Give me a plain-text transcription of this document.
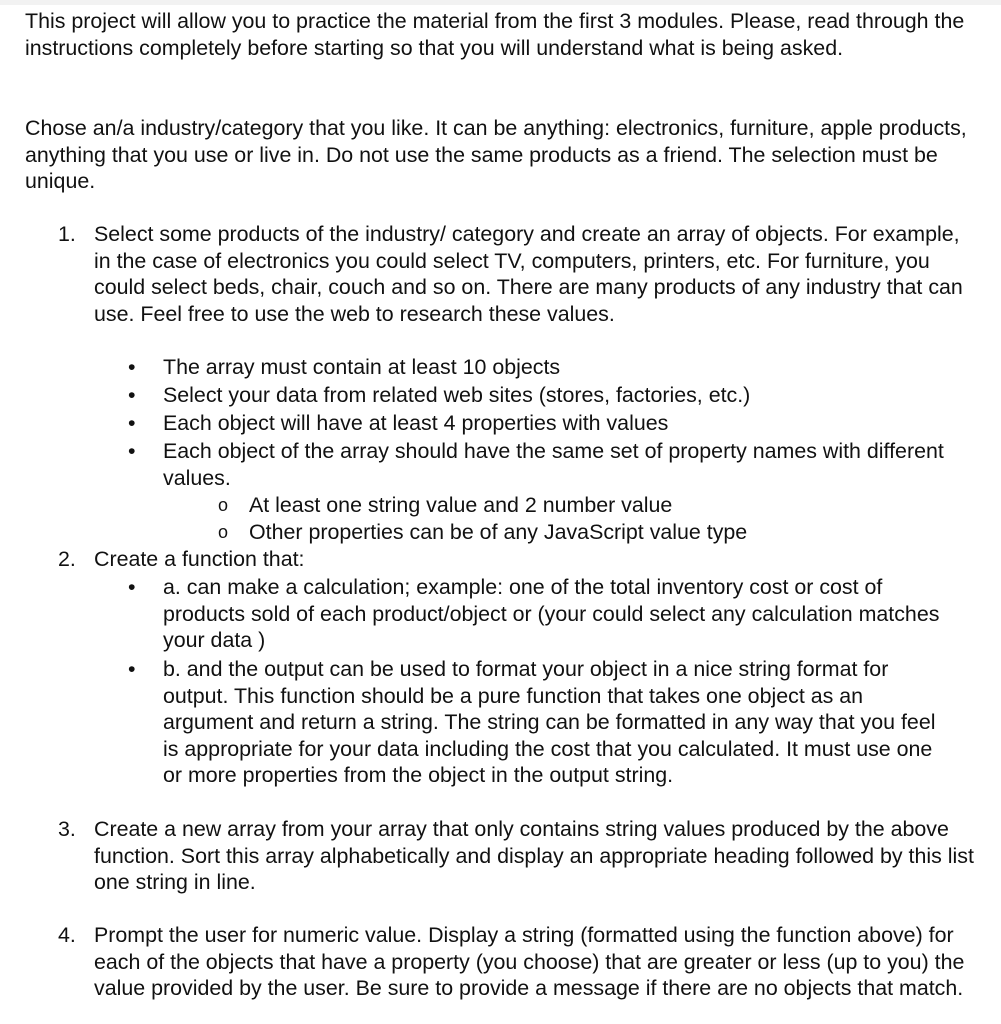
This project will allow you to practice the material from the first 3 modules. Please, read through the instructions completely before starting so that you will understand what is being asked.

Chose an/a industry/category that you like. It can be anything: electronics, furniture, apple products, anything that you use or live in. Do not use the same products as a friend. The selection must be unique.

1. Select some products of the industry/ category and create an array of objects. For example, in the case of electronics you could select TV, computers, printers, etc. For furniture, you could select beds, chair, couch and so on. There are many products of any industry that can use. Feel free to use the web to research these values.
• The array must contain at least 10 objects
• Select your data from related web sites (stores, factories, etc.)
• Each object will have at least 4 properties with values
• Each object of the array should have the same set of property names with different values.
o At least one string value and 2 number value
o Other properties can be of any JavaScript value type
2. Create a function that:
• a. can make a calculation; example: one of the total inventory cost or cost of products sold of each product/object or (your could select any calculation matches your data )
• b. and the output can be used to format your object in a nice string format for output. This function should be a pure function that takes one object as an argument and return a string. The string can be formatted in any way that you feel is appropriate for your data including the cost that you calculated. It must use one or more properties from the object in the output string.
3. Create a new array from your array that only contains string values produced by the above function. Sort this array alphabetically and display an appropriate heading followed by this list one string in line.
4. Prompt the user for numeric value. Display a string (formatted using the function above) for each of the objects that have a property (you choose) that are greater or less (up to you) the value provided by the user. Be sure to provide a message if there are no objects that match.
